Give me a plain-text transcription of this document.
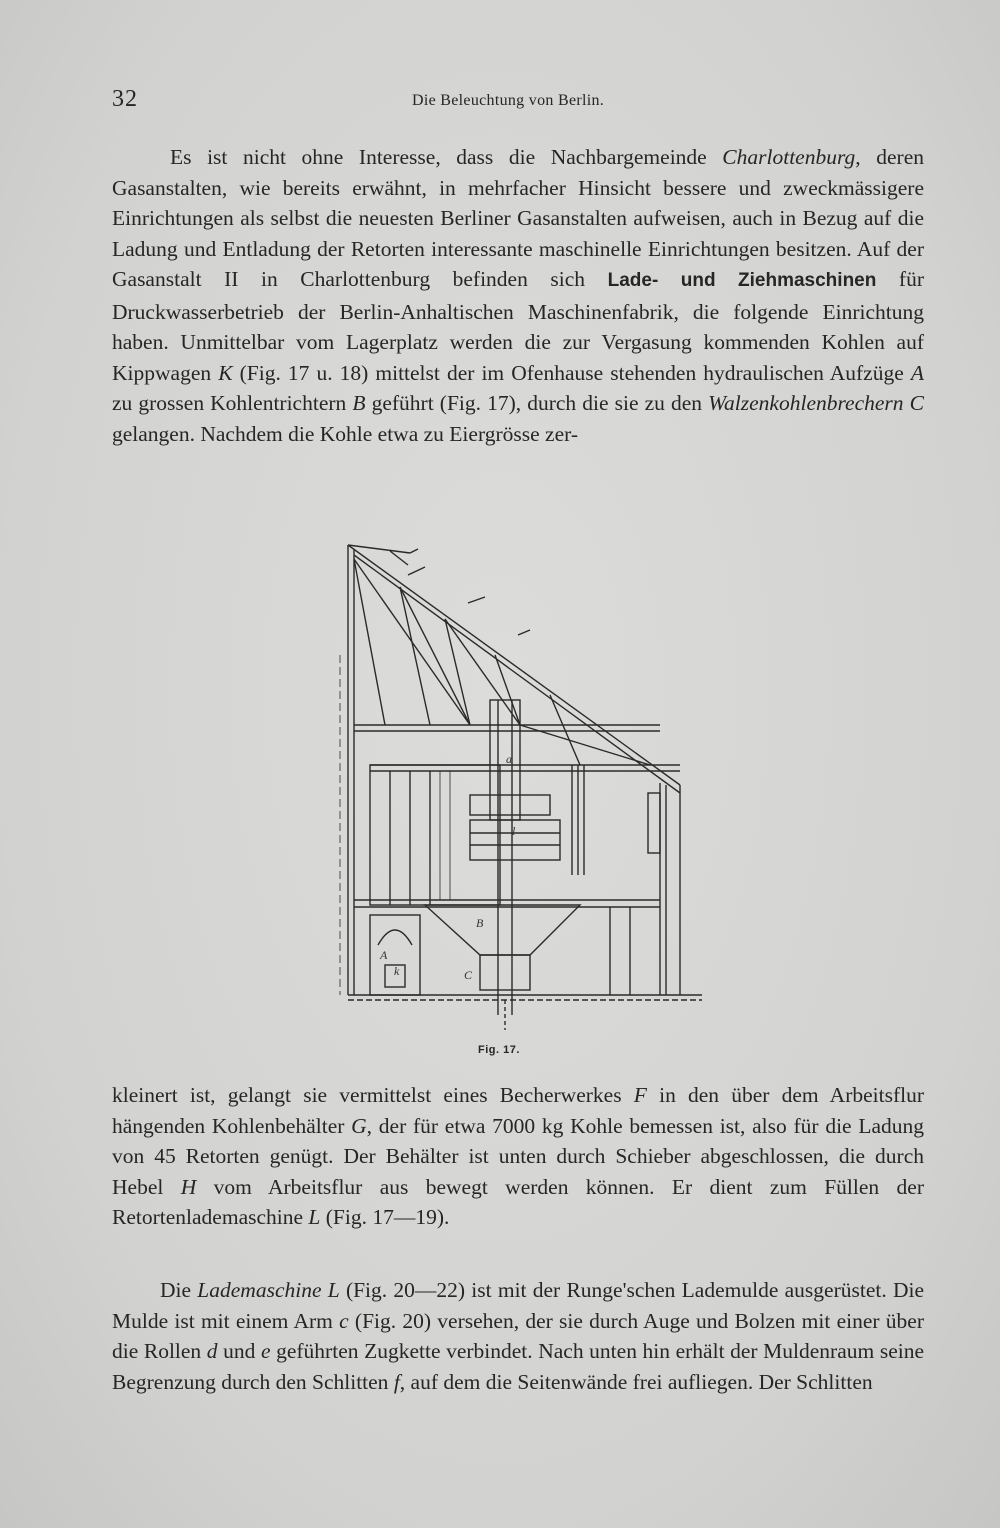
32	Die Beleuchtung von Berlin.

Es ist nicht ohne Interesse, dass die Nachbargemeinde Charlottenburg, deren Gasanstalten, wie bereits erwähnt, in mehrfacher Hinsicht bessere und zweckmässigere Einrichtungen als selbst die neuesten Berliner Gasanstalten aufweisen, auch in Bezug auf die Ladung und Entladung der Retorten interessante maschinelle Einrichtungen besitzen. Auf der Gasanstalt II in Charlottenburg befinden sich Lade- und Ziehmaschinen für Druckwasserbetrieb der Berlin-Anhaltischen Maschinenfabrik, die folgende Einrichtung haben. Unmittelbar vom Lagerplatz werden die zur Vergasung kommenden Kohlen auf Kippwagen K (Fig. 17 u. 18) mittelst der im Ofenhause stehenden hydraulischen Aufzüge A zu grossen Kohlentrichtern B geführt (Fig. 17), durch die sie zu den Walzenkohlenbrechern C gelangen. Nachdem die Kohle etwa zu Eiergrösse zer-

a
l
B
C
A
k
Fig. 17.

kleinert ist, gelangt sie vermittelst eines Becherwerkes F in den über dem Arbeitsflur hängenden Kohlenbehälter G, der für etwa 7000 kg Kohle bemessen ist, also für die Ladung von 45 Retorten genügt. Der Behälter ist unten durch Schieber abgeschlossen, die durch Hebel H vom Arbeitsflur aus bewegt werden können. Er dient zum Füllen der Retortenlademaschine L (Fig. 17—19).

Die Lademaschine L (Fig. 20—22) ist mit der Runge'schen Lademulde ausgerüstet. Die Mulde ist mit einem Arm c (Fig. 20) versehen, der sie durch Auge und Bolzen mit einer über die Rollen d und e geführten Zugkette verbindet. Nach unten hin erhält der Muldenraum seine Begrenzung durch den Schlitten f, auf dem die Seitenwände frei aufliegen. Der Schlitten
